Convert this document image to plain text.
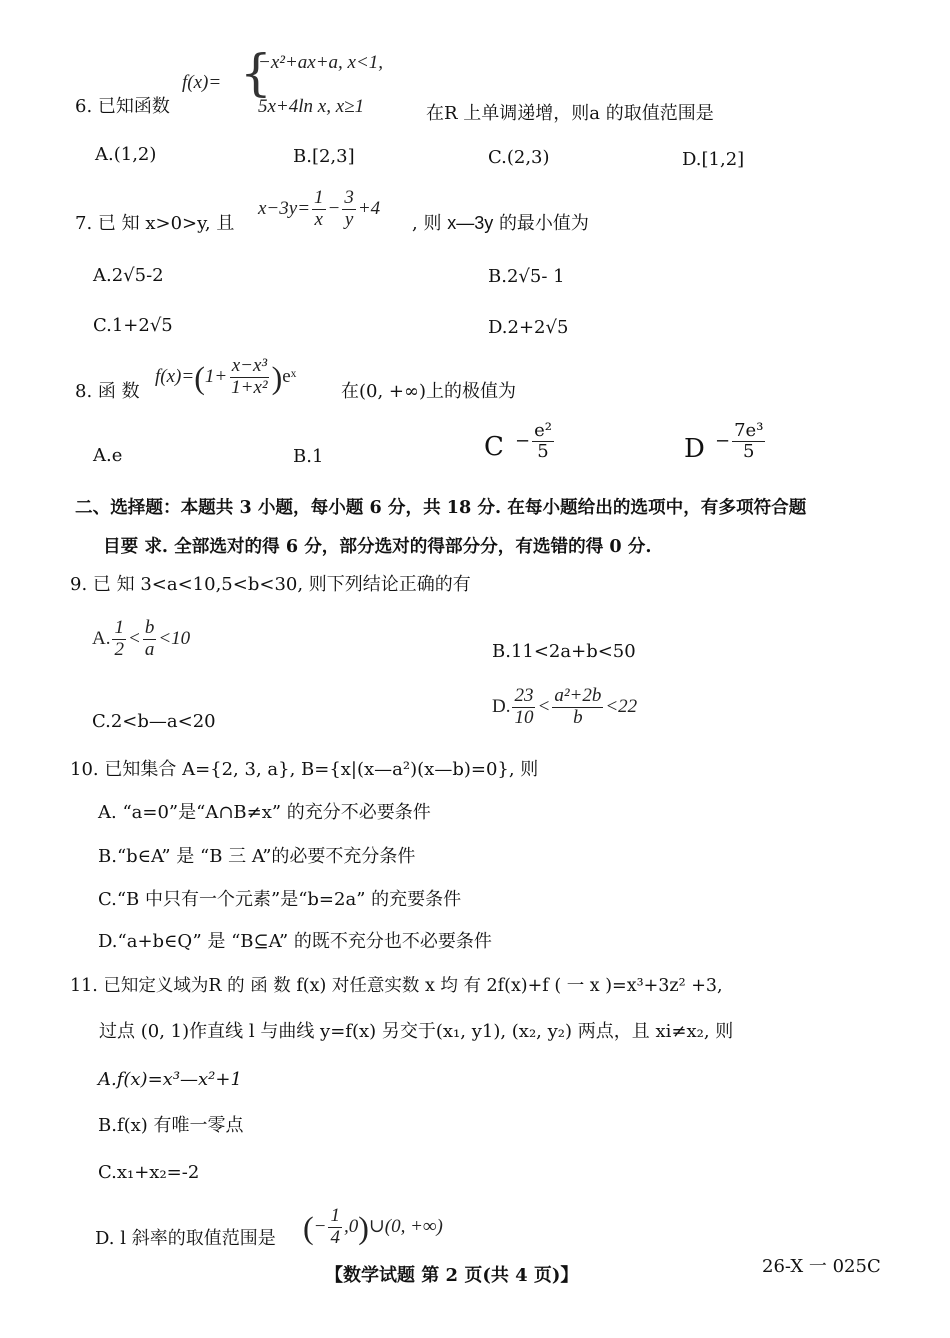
6. 已知函数
f(x)= {
−x²+ax+a, x<1,
5x+4ln x, x≥1	在R 上单调递增，则a 的取值范围是
A.(1,2)	B.[2,3]	C.(2,3)	D.[1,2]
7. 已 知 x>0>y, 且
$x-3y= \frac{1}{x} - \frac{3}{y} +4$
, 则 x—3y 的最小值为
A.2√5-2	B.2√5- 1
C.1+2√5	D.2+2√5
8. 函 数
$f(x)=(1+ \frac{\text{x−x³}}{\text{1+x²}}$ )eˣ
在(0, +∞)上的极值为
A.e	B.1	$C - \frac{\text{e²}}{5}$	$D - \frac{\text{7e³}}{5}$
二、选择题：本题共 3 小题，每小题 6 分，共 18 分. 在每小题给出的选项中，有多项符合题
目要 求. 全部选对的得 6 分，部分选对的得部分分，有选错的得 0 分.
9. 已 知 3<a<10,5<b<30, 则下列结论正确的有
A. $\frac{1}{2} < \frac{b}{a} <10$
B.11<2a+b<50
C.2<b—a<20
D. $\frac{23}{10} < \frac{\text{a²+2b}}{b} <22$
10. 已知集合 A={2, 3, a}, B={x|(x—a²)(x—b)=0}, 则
A. “a=0”是“A∩B≠x” 的充分不必要条件
B.“b∈A” 是 “B 三 A”的必要不充分条件
C.“B 中只有一个元素”是“b=2a” 的充要条件
D.“a+b∈Q” 是 “B⊆A” 的既不充分也不必要条件
11. 已知定义域为R 的 函 数 f(x) 对任意实数 x 均 有 2f(x)+f ( 一 x )=x³+3z² +3,
过点 (0, 1)作直线 l 与曲线 y=f(x) 另交于(x₁, y1), (x₂, y₂) 两点，且 xi≠x₂, 则
A.f(x)=x³—x²+1
B.f(x) 有唯一零点
C.x₁+x₂=-2
D. l 斜率的取值范围是 (− $\frac{1}{4}$ ,0)∪(0, +∞)
【数学试题 第 2 页(共 4 页)】	26-X 一 025C
